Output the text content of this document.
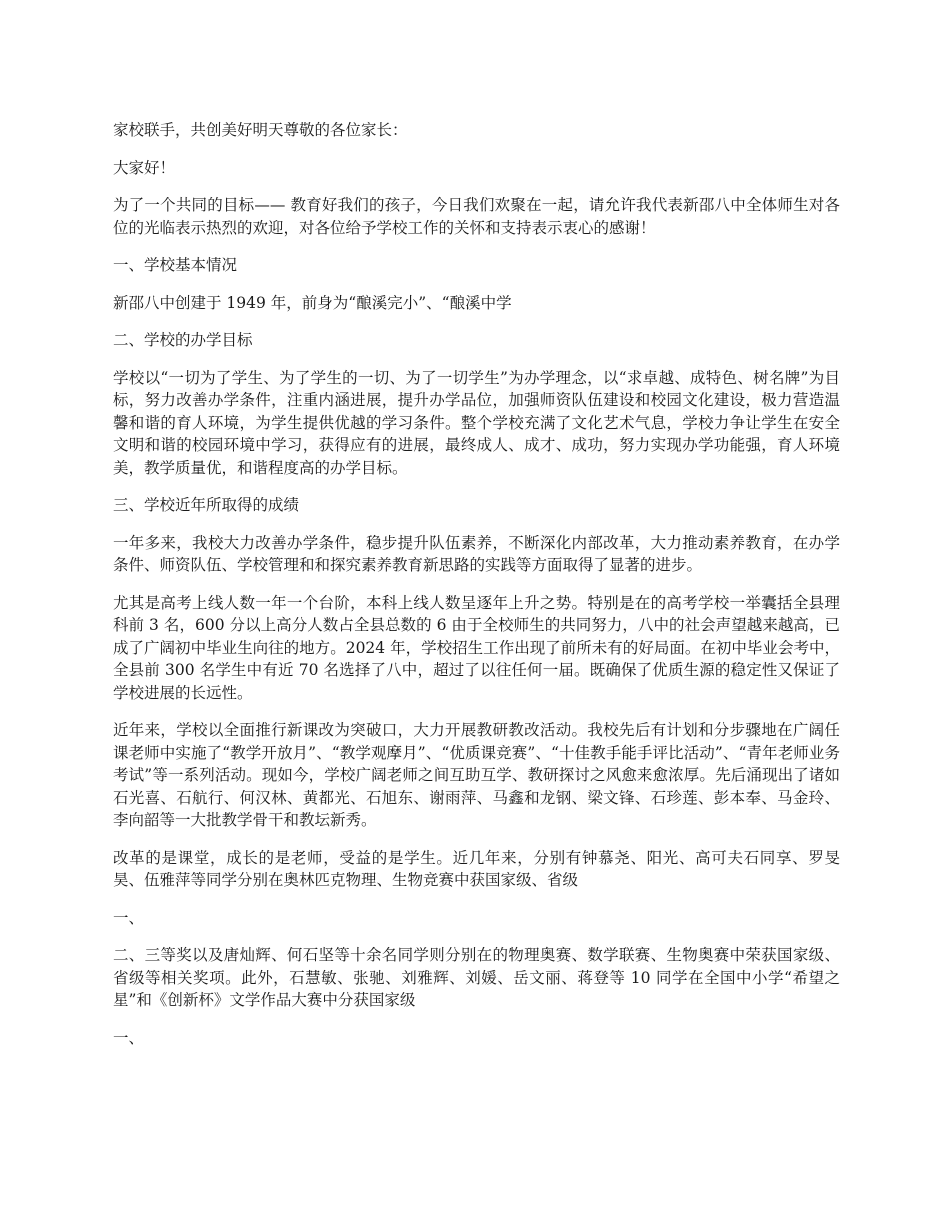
家校联手，共创美好明天尊敬的各位家长：

大家好！

为了一个共同的目标—— 教育好我们的孩子，今日我们欢聚在一起，请允许我代表新邵八中全体师生对各位的光临表示热烈的欢迎，对各位给予学校工作的关怀和支持表示衷心的感谢！

一、学校基本情况

新邵八中创建于 1949 年，前身为“酿溪完小”、“酿溪中学

二、学校的办学目标

学校以“一切为了学生、为了学生的一切、为了一切学生”为办学理念，以“求卓越、成特色、树名牌”为目标，努力改善办学条件，注重内涵进展，提升办学品位，加强师资队伍建设和校园文化建设，极力营造温馨和谐的育人环境，为学生提供优越的学习条件。整个学校充满了文化艺术气息，学校力争让学生在安全文明和谐的校园环境中学习，获得应有的进展，最终成人、成才、成功，努力实现办学功能强，育人环境美，教学质量优，和谐程度高的办学目标。

三、学校近年所取得的成绩

一年多来，我校大力改善办学条件，稳步提升队伍素养，不断深化内部改革，大力推动素养教育，在办学条件、师资队伍、学校管理和和探究素养教育新思路的实践等方面取得了显著的进步。

尤其是高考上线人数一年一个台阶，本科上线人数呈逐年上升之势。特别是在的高考学校一举囊括全县理科前 3 名，600 分以上高分人数占全县总数的 6 由于全校师生的共同努力，八中的社会声望越来越高，已成了广阔初中毕业生向往的地方。2024 年，学校招生工作出现了前所未有的好局面。在初中毕业会考中，全县前 300 名学生中有近 70 名选择了八中，超过了以往任何一届。既确保了优质生源的稳定性又保证了学校进展的长远性。

近年来，学校以全面推行新课改为突破口，大力开展教研教改活动。我校先后有计划和分步骤地在广阔任课老师中实施了“教学开放月”、“教学观摩月”、“优质课竞赛”、“十佳教手能手评比活动”、“青年老师业务考试”等一系列活动。现如今，学校广阔老师之间互助互学、教研探讨之风愈来愈浓厚。先后涌现出了诸如石光喜、石航行、何汉林、黄都光、石旭东、谢雨萍、马鑫和龙钢、梁文锋、石珍莲、彭本奉、马金玲、李向韶等一大批教学骨干和教坛新秀。

改革的是课堂，成长的是老师，受益的是学生。近几年来，分别有钟慕尧、阳光、高可夫石同享、罗旻昊、伍雅萍等同学分别在奥林匹克物理、生物竞赛中获国家级、省级

一、

二、三等奖以及唐灿辉、何石坚等十余名同学则分别在的物理奥赛、数学联赛、生物奥赛中荣获国家级、省级等相关奖项。此外，石慧敏、张驰、刘雅辉、刘媛、岳文丽、蒋登等 10 同学在全国中小学“希望之星”和《创新杯》文学作品大赛中分获国家级

一、
